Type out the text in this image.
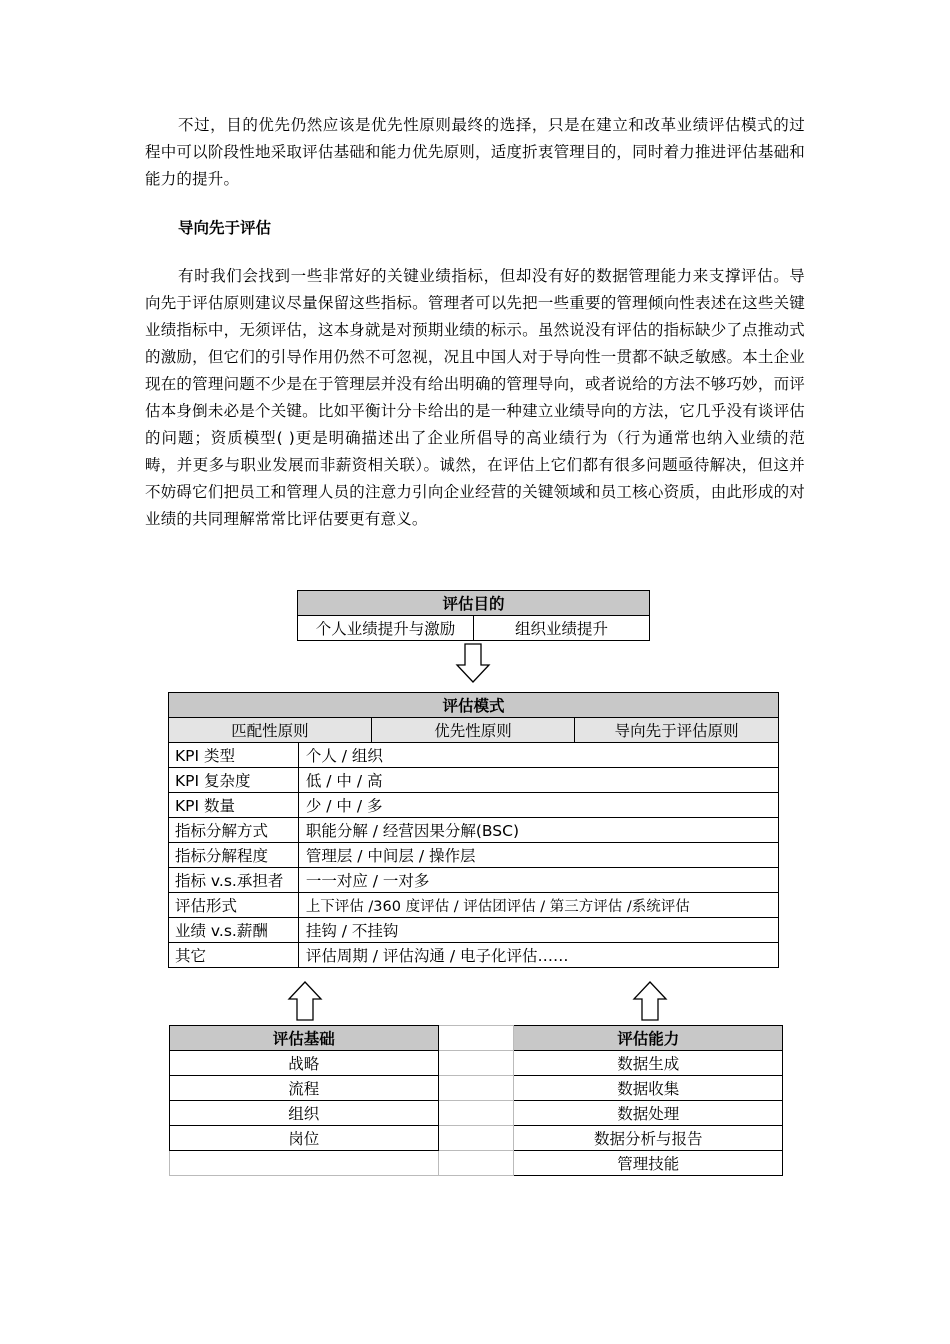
不过，目的优先仍然应该是优先性原则最终的选择，只是在建立和改革业绩评估模式的过程中可以阶段性地采取评估基础和能力优先原则，适度折衷管理目的，同时着力推进评估基础和能力的提升。

导向先于评估

有时我们会找到一些非常好的关键业绩指标，但却没有好的数据管理能力来支撑评估。导向先于评估原则建议尽量保留这些指标。管理者可以先把一些重要的管理倾向性表述在这些关键业绩指标中，无须评估，这本身就是对预期业绩的标示。虽然说没有评估的指标缺少了点推动式的激励，但它们的引导作用仍然不可忽视，况且中国人对于导向性一贯都不缺乏敏感。本土企业现在的管理问题不少是在于管理层并没有给出明确的管理导向，或者说给的方法不够巧妙，而评估本身倒未必是个关键。比如平衡计分卡给出的是一种建立业绩导向的方法，它几乎没有谈评估的问题；资质模型( )更是明确描述出了企业所倡导的高业绩行为（行为通常也纳入业绩的范畴，并更多与职业发展而非薪资相关联）。诚然，在评估上它们都有很多问题亟待解决，但这并不妨碍它们把员工和管理人员的注意力引向企业经营的关键领域和员工核心资质，由此形成的对业绩的共同理解常常比评估要更有意义。

评估目的
个人业绩提升与激励	组织业绩提升
评估模式			
匹配性原则		优先性原则	导向先于评估原则
KPI 类型	个人 / 组织		
KPI 复杂度	低 / 中 / 高		
KPI 数量	少 / 中 / 多		
指标分解方式	职能分解 / 经营因果分解(BSC)		
指标分解程度	管理层 / 中间层 / 操作层		
指标 v.s.承担者	一一对应 / 一对多		
评估形式	上下评估 /360 度评估 / 评估团评估 / 第三方评估 /系统评估		
业绩 v.s.薪酬	挂钩 / 不挂钩		
其它	评估周期 / 评估沟通 / 电子化评估……		
评估基础		评估能力
战略		数据生成
流程		数据收集
组织		数据处理
岗位		数据分析与报告
		管理技能
